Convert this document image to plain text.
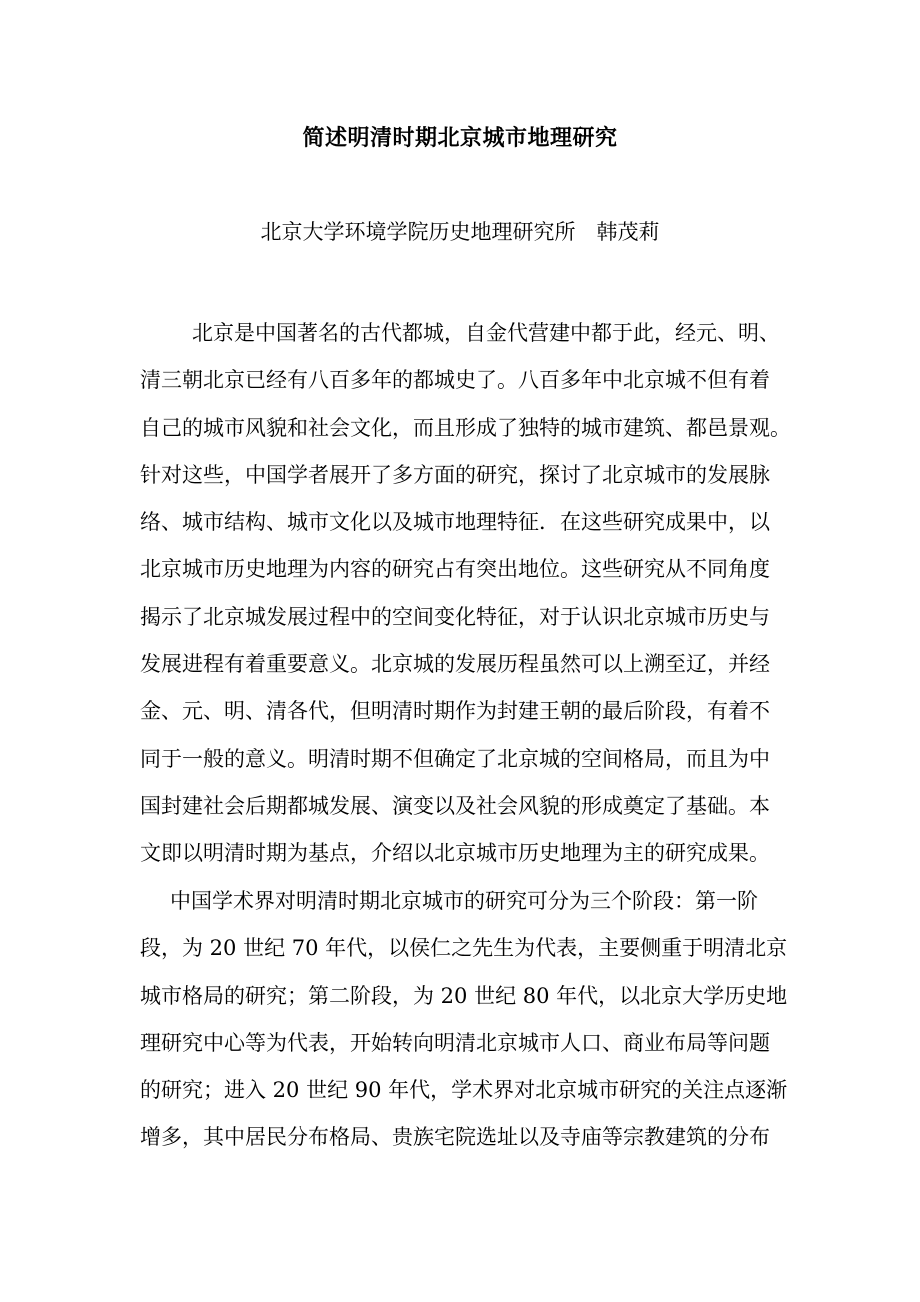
简述明清时期北京城市地理研究
北京大学环境学院历史地理研究所　韩茂莉
北京是中国著名的古代都城，自金代营建中都于此，经元、明、
清三朝北京已经有八百多年的都城史了。八百多年中北京城不但有着
自己的城市风貌和社会文化，而且形成了独特的城市建筑、都邑景观。
针对这些，中国学者展开了多方面的研究，探讨了北京城市的发展脉
络、城市结构、城市文化以及城市地理特征．在这些研究成果中，以
北京城市历史地理为内容的研究占有突出地位。这些研究从不同角度
揭示了北京城发展过程中的空间变化特征，对于认识北京城市历史与
发展进程有着重要意义。北京城的发展历程虽然可以上溯至辽，并经
金、元、明、清各代，但明清时期作为封建王朝的最后阶段，有着不
同于一般的意义。明清时期不但确定了北京城的空间格局，而且为中
国封建社会后期都城发展、演变以及社会风貌的形成奠定了基础。本
文即以明清时期为基点，介绍以北京城市历史地理为主的研究成果。
中国学术界对明清时期北京城市的研究可分为三个阶段：第一阶
段，为 20 世纪 70 年代，以侯仁之先生为代表，主要侧重于明清北京
城市格局的研究；第二阶段，为 20 世纪 80 年代，以北京大学历史地
理研究中心等为代表，开始转向明清北京城市人口、商业布局等问题
的研究；进入 20 世纪 90 年代，学术界对北京城市研究的关注点逐渐
增多，其中居民分布格局、贵族宅院选址以及寺庙等宗教建筑的分布
